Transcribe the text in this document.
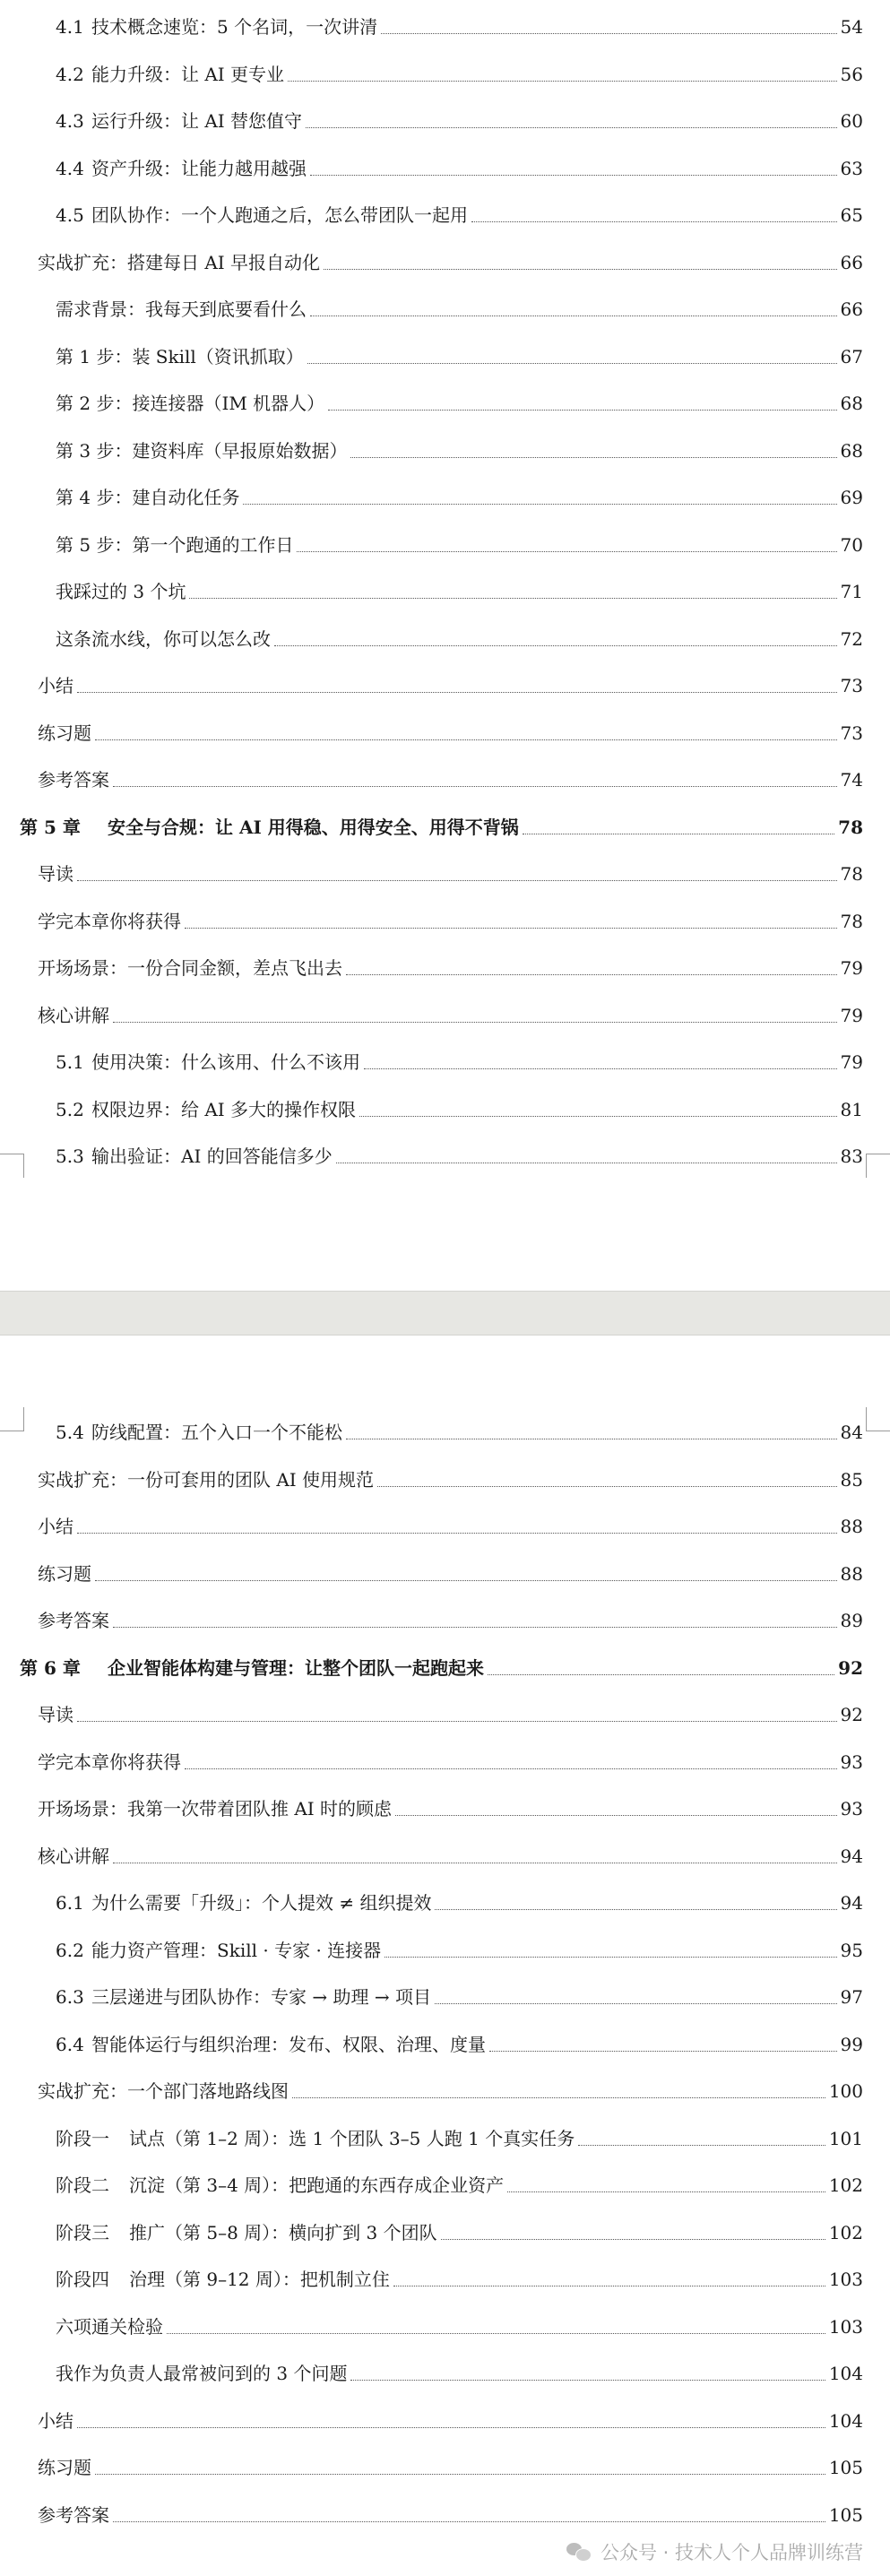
4.1 技术概念速览：5 个名词，一次讲清	54
4.2 能力升级：让 AI 更专业	56
4.3 运行升级：让 AI 替您值守	60
4.4 资产升级：让能力越用越强	63
4.5 团队协作：一个人跑通之后，怎么带团队一起用	65
实战扩充：搭建每日 AI 早报自动化	66
需求背景：我每天到底要看什么	66
第 1 步：装 Skill（资讯抓取）	67
第 2 步：接连接器（IM 机器人）	68
第 3 步：建资料库（早报原始数据）	68
第 4 步：建自动化任务	69
第 5 步：第一个跑通的工作日	70
我踩过的 3 个坑	71
这条流水线，你可以怎么改	72
小结	73
练习题	73
参考答案	74
第 5 章 安全与合规：让 AI 用得稳、用得安全、用得不背锅	78
导读	78
学完本章你将获得	78
开场场景：一份合同金额，差点飞出去	79
核心讲解	79
5.1 使用决策：什么该用、什么不该用	79
5.2 权限边界：给 AI 多大的操作权限	81
5.3 输出验证：AI 的回答能信多少	83
5.4 防线配置：五个入口一个不能松	84
实战扩充：一份可套用的团队 AI 使用规范	85
小结	88
练习题	88
参考答案	89
第 6 章 企业智能体构建与管理：让整个团队一起跑起来	92
导读	92
学完本章你将获得	93
开场场景：我第一次带着团队推 AI 时的顾虑	93
核心讲解	94
6.1 为什么需要「升级」：个人提效 ≠ 组织提效	94
6.2 能力资产管理：Skill · 专家 · 连接器	95
6.3 三层递进与团队协作：专家 → 助理 → 项目	97
6.4 智能体运行与组织治理：发布、权限、治理、度量	99
实战扩充：一个部门落地路线图	100
阶段一 试点（第 1–2 周）：选 1 个团队 3–5 人跑 1 个真实任务	101
阶段二 沉淀（第 3–4 周）：把跑通的东西存成企业资产	102
阶段三 推广（第 5–8 周）：横向扩到 3 个团队	102
阶段四 治理（第 9–12 周）：把机制立住	103
六项通关检验	103
我作为负责人最常被问到的 3 个问题	104
小结	104
练习题	105
参考答案	105
公众号 · 技术人个人品牌训练营
